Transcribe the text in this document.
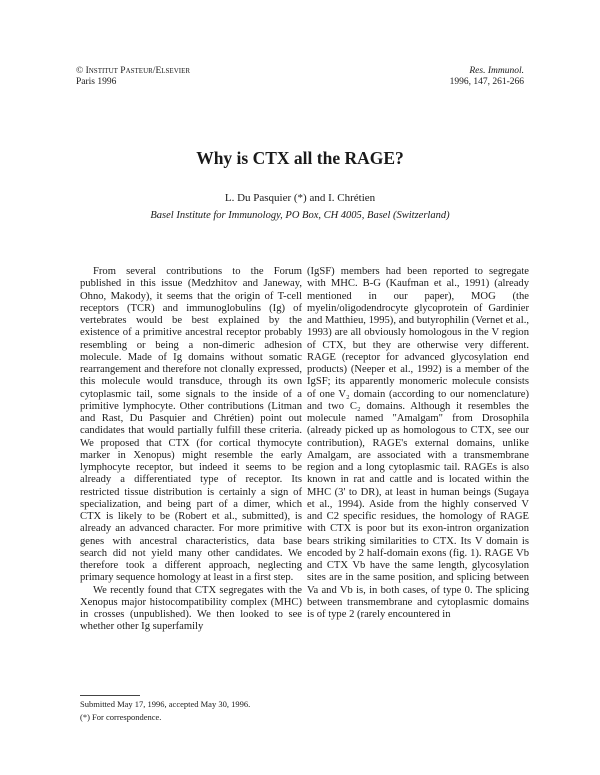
© Institut Pasteur/Elsevier
Paris 1996
Res. Immunol.
1996, 147, 261-266
Why is CTX all the RAGE?
L. Du Pasquier (*) and I. Chrétien
Basel Institute for Immunology, PO Box, CH 4005, Basel (Switzerland)

From several contributions to the Forum published in this issue (Medzhitov and Janeway, Ohno, Makody), it seems that the origin of T-cell receptors (TCR) and immunoglobulins (Ig) of vertebrates would be best explained by the existence of a primitive ancestral receptor probably resembling or being a non-dimeric adhesion molecule. Made of Ig domains without somatic rearrangement and therefore not clonally expressed, this molecule would transduce, through its own cytoplasmic tail, some signals to the inside of a primitive lymphocyte. Other contributions (Litman and Rast, Du Pasquier and Chrétien) point out candidates that would partially fulfill these criteria. We proposed that CTX (for cortical thymocyte marker in Xenopus) might resemble the early lymphocyte receptor, but indeed it seems to be already a differentiated type of receptor. Its restricted tissue distribution is certainly a sign of specialization, and being part of a dimer, which CTX is likely to be (Robert et al., submitted), is already an advanced character. For more primitive genes with ancestral characteristics, data base search did not yield many other candidates. We therefore took a different approach, neglecting primary sequence homology at least in a first step.

We recently found that CTX segregates with the Xenopus major histocompatibility complex (MHC) in crosses (unpublished). We then looked to see whether other Ig superfamily

(IgSF) members had been reported to segregate with MHC. B-G (Kaufman et al., 1991) (already mentioned in our paper), MOG (the myelin/oligodendrocyte glycoprotein of Gardinier and Matthieu, 1995), and butyrophilin (Vernet et al., 1993) are all obviously homologous in the V region of CTX, but they are otherwise very different. RAGE (receptor for advanced glycosylation end products) (Neeper et al., 1992) is a member of the IgSF; its apparently monomeric molecule consists of one V₂ domain (according to our nomenclature) and two C₂ domains. Although it resembles the molecule named "Amalgam" from Drosophila (already picked up as homologous to CTX, see our contribution), RAGE's external domains, unlike Amalgam, are associated with a transmembrane region and a long cytoplasmic tail. RAGEs is also known in rat and cattle and is located within the MHC (3' to DR), at least in human beings (Sugaya et al., 1994). Aside from the highly conserved V and C2 specific residues, the homology of RAGE with CTX is poor but its exon-intron organization bears striking similarities to CTX. Its V domain is encoded by 2 half-domain exons (fig. 1). RAGE Vb and CTX Vb have the same length, glycosylation sites are in the same position, and splicing between Va and Vb is, in both cases, of type 0. The splicing between transmembrane and cytoplasmic domains is of type 2 (rarely encountered in

Submitted May 17, 1996, accepted May 30, 1996.
(*) For correspondence.
